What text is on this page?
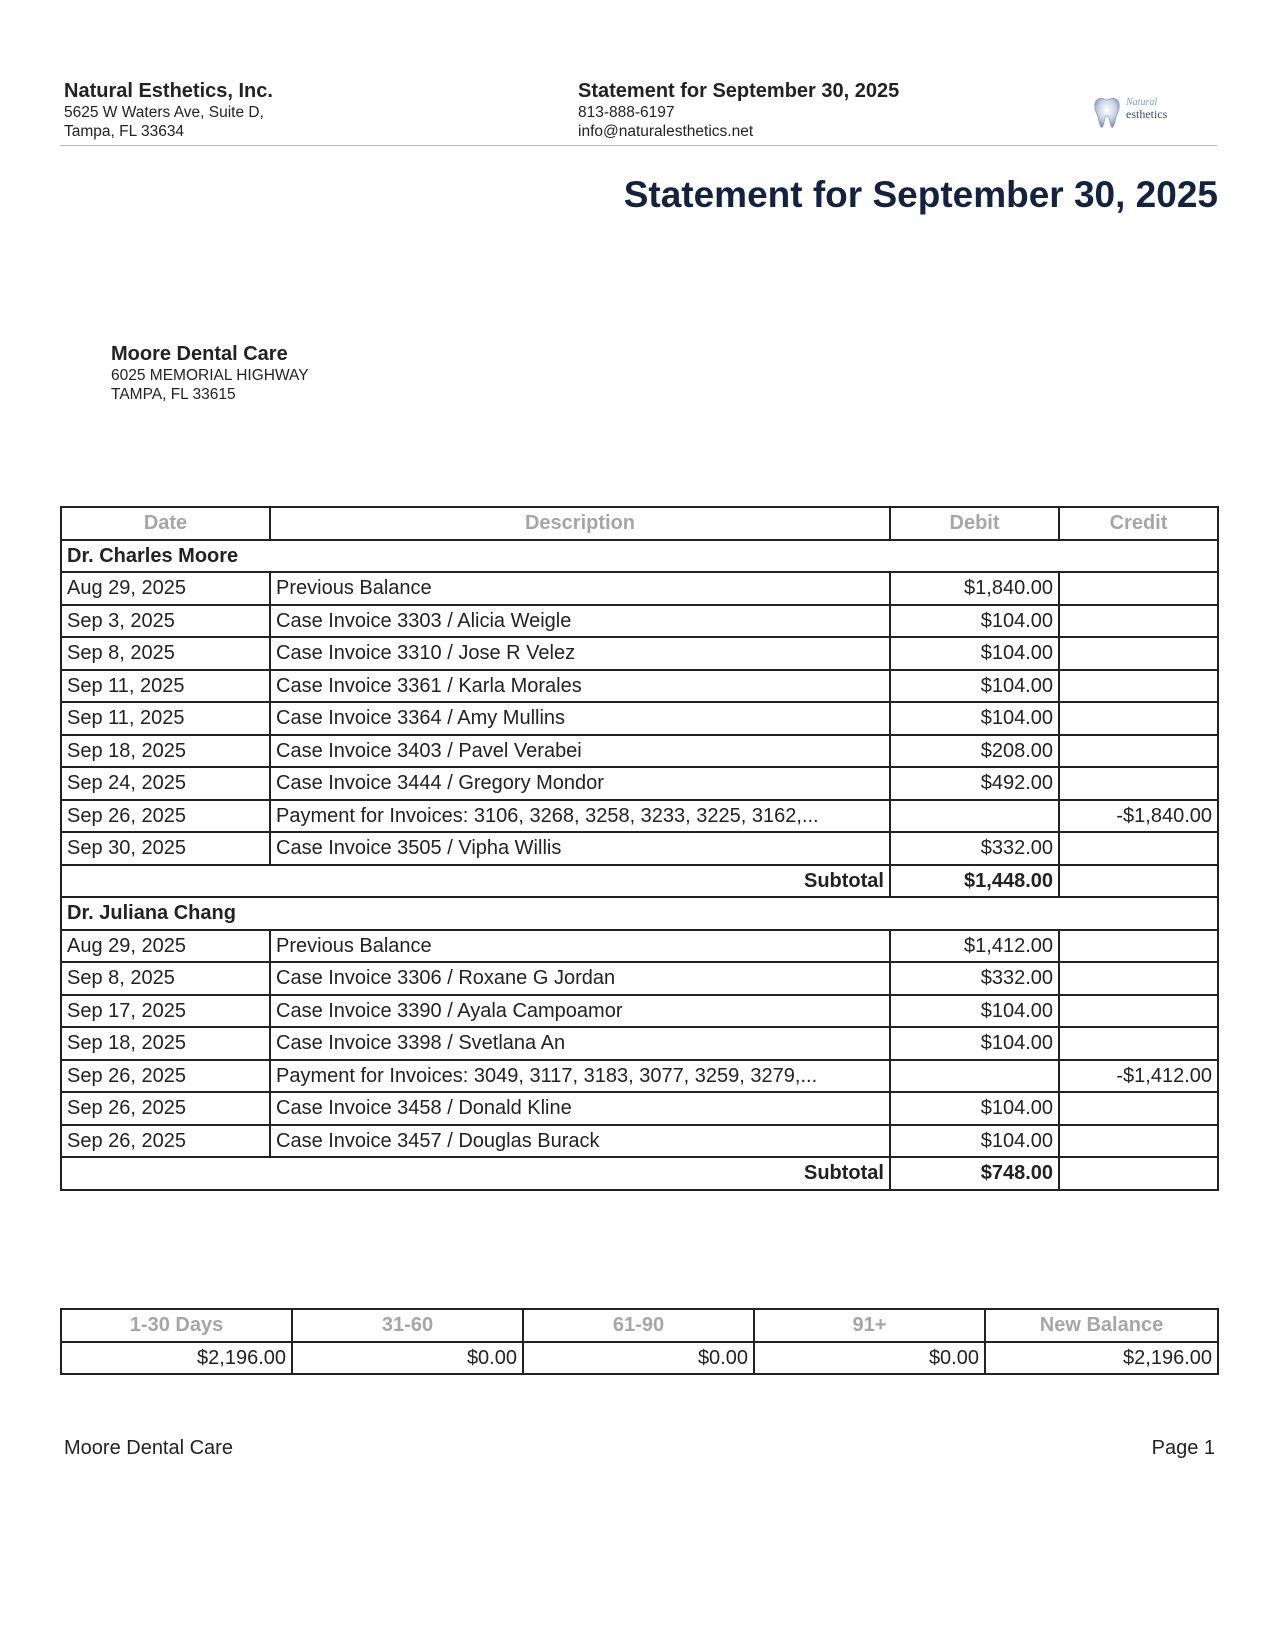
Natural Esthetics, Inc.
5625 W Waters Ave, Suite D,
Tampa, FL 33634
Statement for September 30, 2025
813-888-6197
info@naturalesthetics.net
Natural
esthetics
Statement for September 30, 2025
Moore Dental Care
6025 MEMORIAL HIGHWAY
TAMPA, FL 33615
Date	Description	Debit	Credit
Dr. Charles Moore			
Aug 29, 2025	Previous Balance	$1,840.00	
Sep 3, 2025	Case Invoice 3303 / Alicia Weigle	$104.00	
Sep 8, 2025	Case Invoice 3310 / Jose R Velez	$104.00	
Sep 11, 2025	Case Invoice 3361 / Karla Morales	$104.00	
Sep 11, 2025	Case Invoice 3364 / Amy Mullins	$104.00	
Sep 18, 2025	Case Invoice 3403 / Pavel Verabei	$208.00	
Sep 24, 2025	Case Invoice 3444 / Gregory Mondor	$492.00	
Sep 26, 2025	Payment for Invoices: 3106, 3268, 3258, 3233, 3225, 3162,...		-$1,840.00
Sep 30, 2025	Case Invoice 3505 / Vipha Willis	$332.00	
Subtotal		$1,448.00	
Dr. Juliana Chang			
Aug 29, 2025	Previous Balance	$1,412.00	
Sep 8, 2025	Case Invoice 3306 / Roxane G Jordan	$332.00	
Sep 17, 2025	Case Invoice 3390 / Ayala Campoamor	$104.00	
Sep 18, 2025	Case Invoice 3398 / Svetlana An	$104.00	
Sep 26, 2025	Payment for Invoices: 3049, 3117, 3183, 3077, 3259, 3279,...		-$1,412.00
Sep 26, 2025	Case Invoice 3458 / Donald Kline	$104.00	
Sep 26, 2025	Case Invoice 3457 / Douglas Burack	$104.00	
Subtotal		$748.00	
1-30 Days	31-60	61-90	91+	New Balance
$2,196.00	$0.00	$0.00	$0.00	$2,196.00
Moore Dental Care	Page 1
